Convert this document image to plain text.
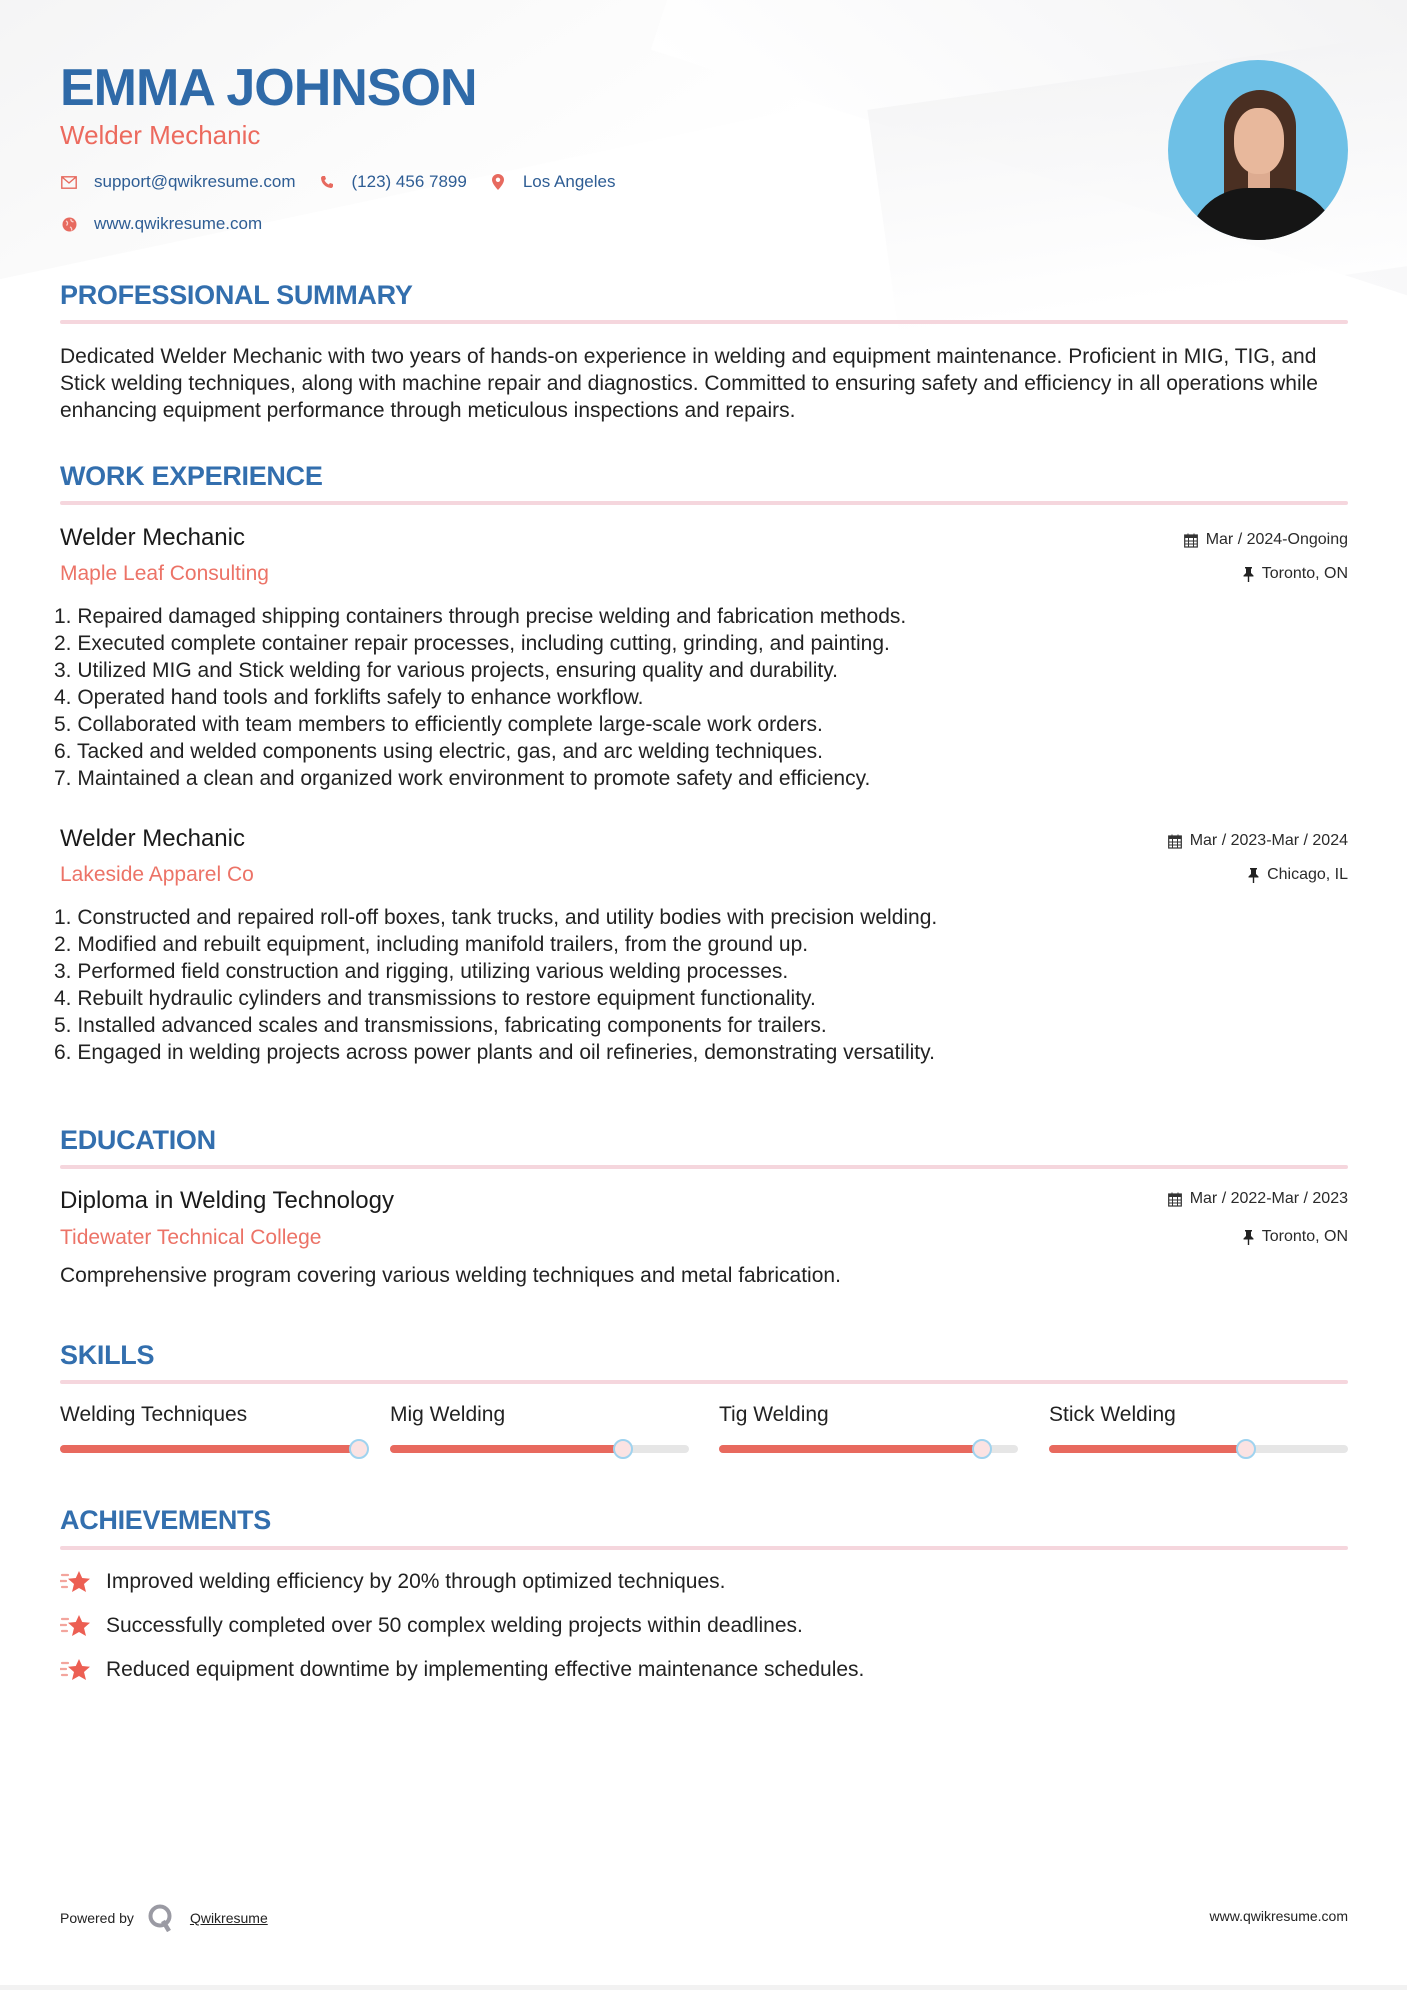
EMMA JOHNSON
Welder Mechanic
support@qwikresume.com	(123) 456 7899	Los Angeles
www.qwikresume.com
PROFESSIONAL SUMMARY

Dedicated Welder Mechanic with two years of hands-on experience in welding and equipment maintenance. Proficient in MIG, TIG, and Stick welding techniques, along with machine repair and diagnostics. Committed to ensuring safety and efficiency in all operations while enhancing equipment performance through meticulous inspections and repairs.

WORK EXPERIENCE
Welder Mechanic
Maple Leaf Consulting
Mar / 2024-Ongoing
Toronto, ON
1. Repaired damaged shipping containers through precise welding and fabrication methods.
2. Executed complete container repair processes, including cutting, grinding, and painting.
3. Utilized MIG and Stick welding for various projects, ensuring quality and durability.
4. Operated hand tools and forklifts safely to enhance workflow.
5. Collaborated with team members to efficiently complete large-scale work orders.
6. Tacked and welded components using electric, gas, and arc welding techniques.
7. Maintained a clean and organized work environment to promote safety and efficiency.
Welder Mechanic
Lakeside Apparel Co
Mar / 2023-Mar / 2024
Chicago, IL
1. Constructed and repaired roll-off boxes, tank trucks, and utility bodies with precision welding.
2. Modified and rebuilt equipment, including manifold trailers, from the ground up.
3. Performed field construction and rigging, utilizing various welding processes.
4. Rebuilt hydraulic cylinders and transmissions to restore equipment functionality.
5. Installed advanced scales and transmissions, fabricating components for trailers.
6. Engaged in welding projects across power plants and oil refineries, demonstrating versatility.
EDUCATION
Diploma in Welding Technology
Tidewater Technical College
Mar / 2022-Mar / 2023
Toronto, ON

Comprehensive program covering various welding techniques and metal fabrication.

SKILLS
Welding Techniques	Mig Welding	Tig Welding	Stick Welding
ACHIEVEMENTS
Improved welding efficiency by 20% through optimized techniques.
Successfully completed over 50 complex welding projects within deadlines.
Reduced equipment downtime by implementing effective maintenance schedules.
Powered by	Qwikresume	www.qwikresume.com
